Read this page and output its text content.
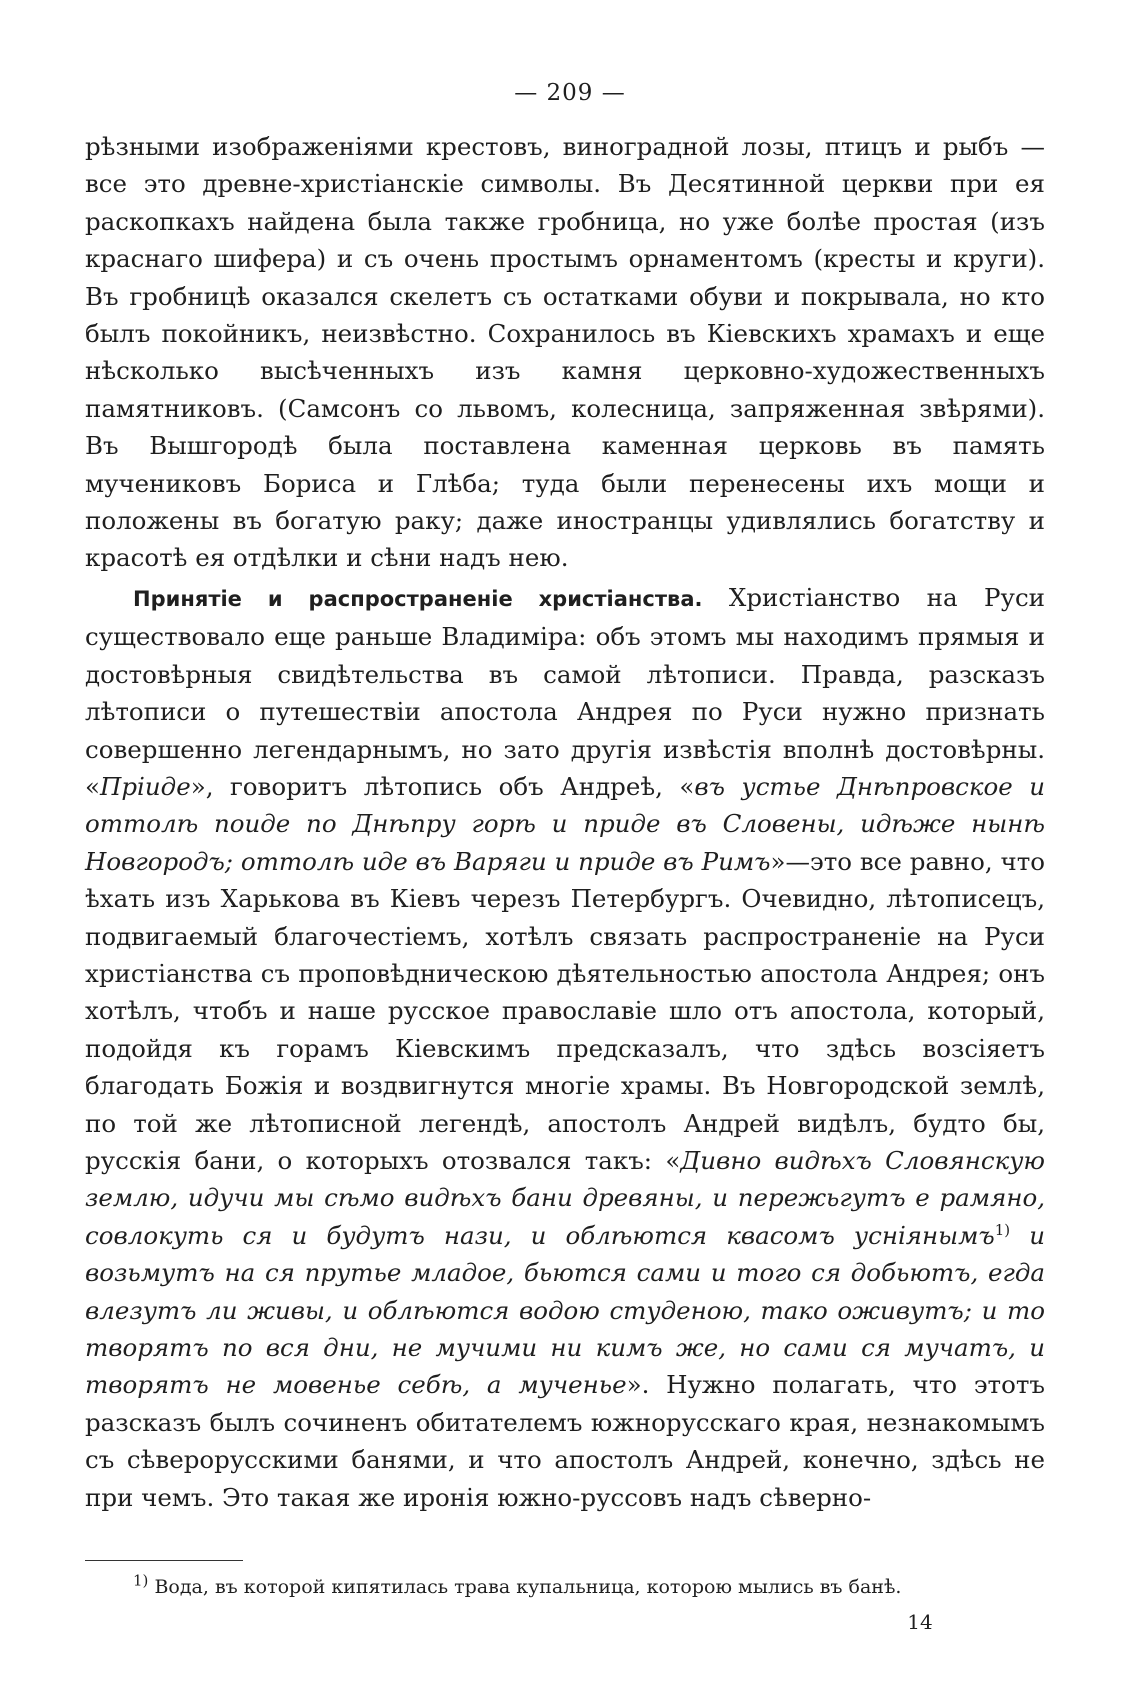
— 209 —

рѣзными изображеніями крестовъ, виноградной лозы, птицъ и рыбъ — все это древне-христіанскіе символы. Въ Десятинной церкви при ея раскопкахъ найдена была также гробница, но уже болѣе простая (изъ краснаго шифера) и съ очень простымъ орнаментомъ (кресты и круги). Въ гробницѣ оказался скелетъ съ остатками обуви и покрывала, но кто былъ покойникъ, неизвѣстно. Сохранилось въ Кіевскихъ храмахъ и еще нѣсколько высѣченныхъ изъ камня церковно-художественныхъ памятниковъ. (Самсонъ со львомъ, колесница, запряженная звѣрями). Въ Вышгородѣ была поставлена каменная церковь въ память мучениковъ Бориса и Глѣба; туда были перенесены ихъ мощи и положены въ богатую раку; даже иностранцы удивлялись богатству и красотѣ ея отдѣлки и сѣни надъ нею.

Принятіе и распространеніе христіанства. Христіанство на Руси существовало еще раньше Владиміра: объ этомъ мы находимъ прямыя и достовѣрныя свидѣтельства въ самой лѣтописи. Правда, разсказъ лѣтописи о путешествіи апостола Андрея по Руси нужно признать совершенно легендарнымъ, но зато другія извѣстія вполнѣ достовѣрны. «Пріиде», говоритъ лѣтопись объ Андреѣ, «въ устье Днѣпровское и оттолѣ поиде по Днѣпру горѣ и приде въ Словены, идѣже нынѣ Новгородъ; оттолѣ иде въ Варяги и приде въ Римъ»—это все равно, что ѣхать изъ Харькова въ Кіевъ черезъ Петербургъ. Очевидно, лѣтописецъ, подвигаемый благочестіемъ, хотѣлъ связать распространеніе на Руси христіанства съ проповѣдническою дѣятельностью апостола Андрея; онъ хотѣлъ, чтобъ и наше русское православіе шло отъ апостола, который, подойдя къ горамъ Кіевскимъ предсказалъ, что здѣсь возсіяетъ благодать Божія и воздвигнутся многіе храмы. Въ Новгородской землѣ, по той же лѣтописной легендѣ, апостолъ Андрей видѣлъ, будто бы, русскія бани, о которыхъ отозвался такъ: «Дивно видѣхъ Словянскую землю, идучи мы сѣмо видѣхъ бани древяны, и пережьгутъ е рамяно, совлокуть ся и будутъ нази, и облѣются квасомъ усніянымъ$^{1)}$ и возьмутъ на ся прутье младое, бьются сами и того ся добьютъ, егда влезутъ ли живы, и облѣются водою студеною, тако оживутъ; и то творятъ по вся дни, не мучими ни кимъ же, но сами ся мучатъ, и творятъ не мовенье себѣ, а мученье». Нужно полагать, что этотъ разсказъ былъ сочиненъ обитателемъ южнорусскаго края, незнакомымъ съ сѣверорусскими банями, и что апостолъ Андрей, конечно, здѣсь не при чемъ. Это такая же иронія южно-руссовъ надъ сѣверно-

$^{1)}$ Вода, въ которой кипятилась трава купальница, которою мылись въ банѣ.
14
